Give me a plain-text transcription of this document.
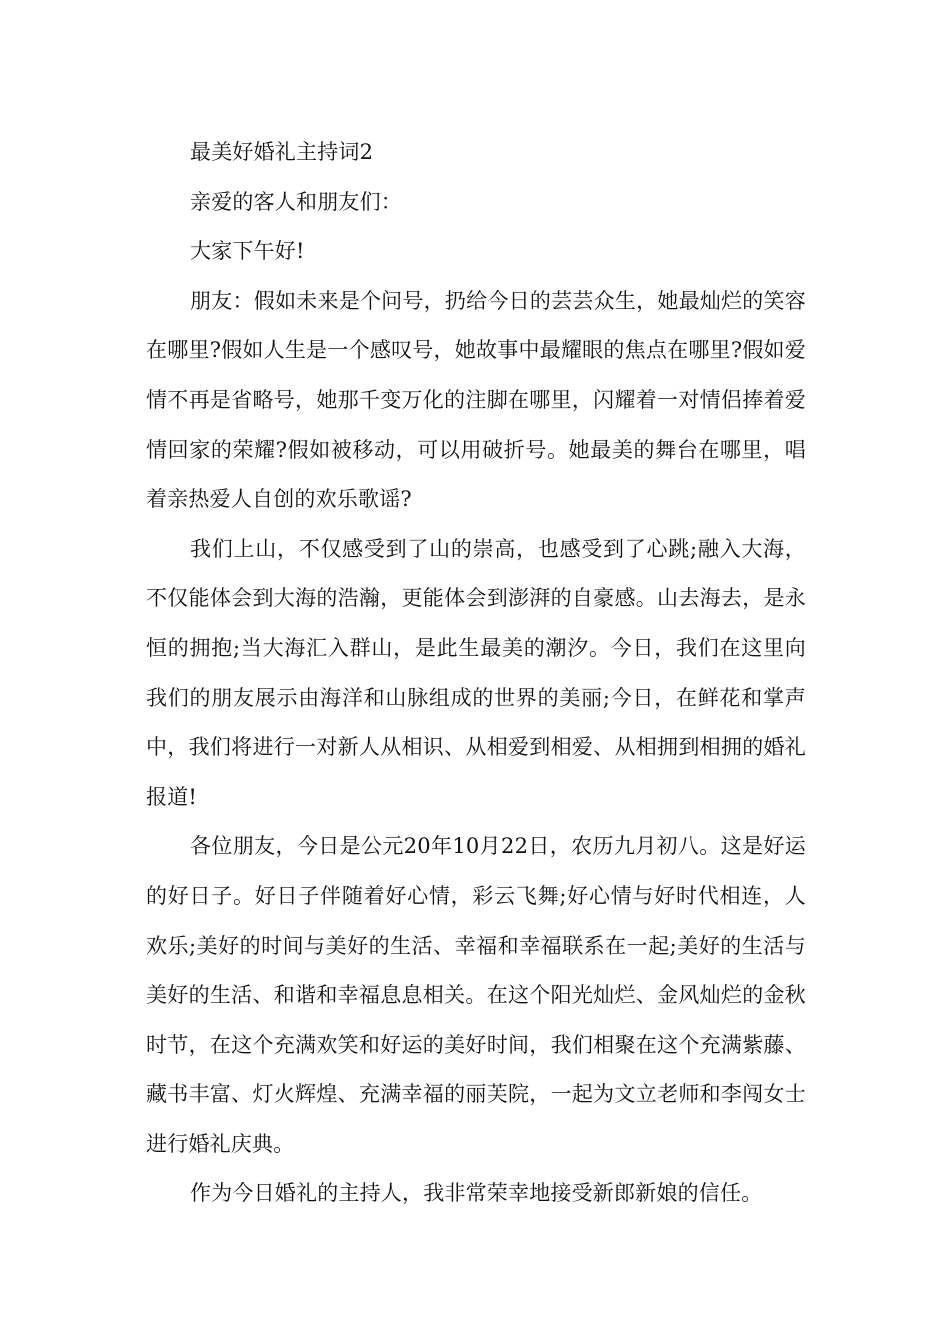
最美好婚礼主持词2

亲爱的客人和朋友们：

大家下午好!

朋友：假如未来是个问号，扔给今日的芸芸众生，她最灿烂的笑容在哪里?假如人生是一个感叹号，她故事中最耀眼的焦点在哪里?假如爱情不再是省略号，她那千变万化的注脚在哪里，闪耀着一对情侣捧着爱情回家的荣耀?假如被移动，可以用破折号。她最美的舞台在哪里，唱着亲热爱人自创的欢乐歌谣?

我们上山，不仅感受到了山的崇高，也感受到了心跳;融入大海，不仅能体会到大海的浩瀚，更能体会到澎湃的自豪感。山去海去，是永恒的拥抱;当大海汇入群山，是此生最美的潮汐。今日，我们在这里向我们的朋友展示由海洋和山脉组成的世界的美丽;今日，在鲜花和掌声中，我们将进行一对新人从相识、从相爱到相爱、从相拥到相拥的婚礼报道!

各位朋友，今日是公元20年10月22日，农历九月初八。这是好运的好日子。好日子伴随着好心情，彩云飞舞;好心情与好时代相连，人欢乐;美好的时间与美好的生活、幸福和幸福联系在一起;美好的生活与美好的生活、和谐和幸福息息相关。在这个阳光灿烂、金风灿烂的金秋时节，在这个充满欢笑和好运的美好时间，我们相聚在这个充满紫藤、藏书丰富、灯火辉煌、充满幸福的丽芙院，一起为文立老师和李闯女士进行婚礼庆典。

作为今日婚礼的主持人，我非常荣幸地接受新郎新娘的信任。
